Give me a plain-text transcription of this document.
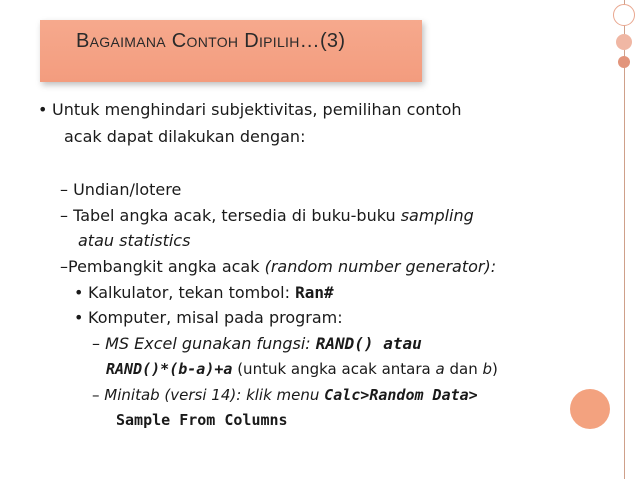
Bagaimana Contoh Dipilih…(3)
• Untuk menghindari subjektivitas, pemilihan contoh
acak dapat dilakukan dengan:
– Undian/lotere
– Tabel angka acak, tersedia di buku-buku sampling
atau statistics
–Pembangkit angka acak (random number generator):
• Kalkulator, tekan tombol: Ran#
• Komputer, misal pada program:
– MS Excel gunakan fungsi: RAND() atau
RAND()*(b-a)+a (untuk angka acak antara a dan b)
– Minitab (versi 14): klik menu Calc>Random Data>
Sample From Columns
